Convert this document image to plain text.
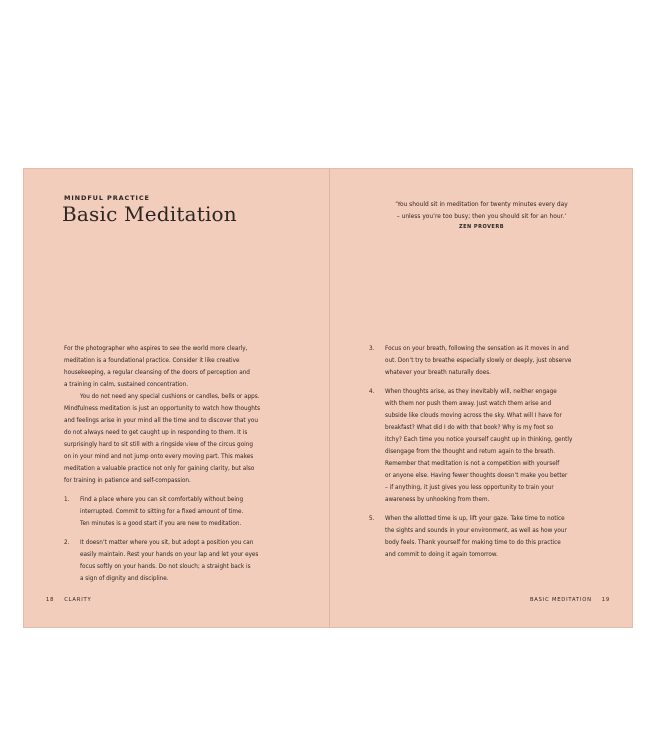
MINDFUL PRACTICE
Basic Meditation	‘You should sit in meditation for twenty minutes every day
– unless you’re too busy; then you should sit for an hour.’
ZEN PROVERB

For the photographer who aspires to see the world more clearly,
meditation is a foundational practice. Consider it like creative
housekeeping, a regular cleansing of the doors of perception and
a training in calm, sustained concentration.

You do not need any special cushions or candles, bells or apps.
Mindfulness meditation is just an opportunity to watch how thoughts
and feelings arise in your mind all the time and to discover that you
do not always need to get caught up in responding to them. It is
surprisingly hard to sit still with a ringside view of the circus going
on in your mind and not jump onto every moving part. This makes
meditation a valuable practice not only for gaining clarity, but also
for training in patience and self-compassion.

1. Find a place where you can sit comfortably without being
interrupted. Commit to sitting for a fixed amount of time.
Ten minutes is a good start if you are new to meditation.
2. It doesn’t matter where you sit, but adopt a position you can
easily maintain. Rest your hands on your lap and let your eyes
focus softly on your hands. Do not slouch; a straight back is
a sign of dignity and discipline.
3. Focus on your breath, following the sensation as it moves in and
out. Don’t try to breathe especially slowly or deeply, just observe
whatever your breath naturally does.
4. When thoughts arise, as they inevitably will, neither engage
with them nor push them away. Just watch them arise and
subside like clouds moving across the sky. What will I have for
breakfast? What did I do with that book? Why is my foot so
itchy? Each time you notice yourself caught up in thinking, gently
disengage from the thought and return again to the breath.
Remember that meditation is not a competition with yourself
or anyone else. Having fewer thoughts doesn’t make you better
– if anything, it just gives you less opportunity to train your
awareness by unhooking from them.
5. When the allotted time is up, lift your gaze. Take time to notice
the sights and sounds in your environment, as well as how your
body feels. Thank yourself for making time to do this practice
and commit to doing it again tomorrow.
18 CLARITY	BASIC MEDITATION 19
